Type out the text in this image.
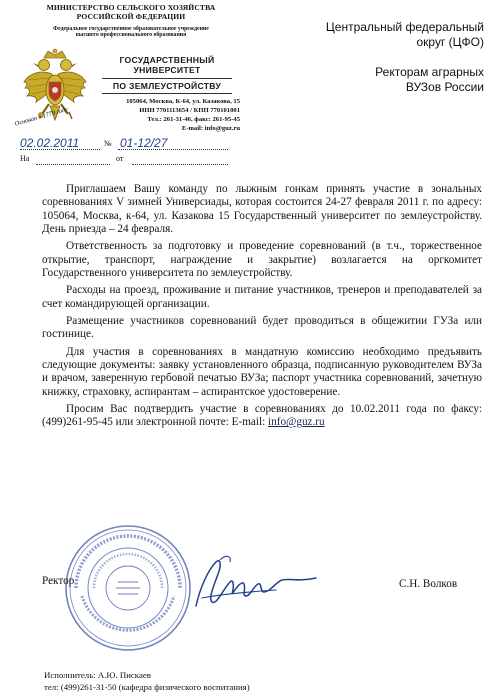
МИНИСТЕРСТВО СЕЛЬСКОГО ХОЗЯЙСТВА
РОССИЙСКОЙ ФЕДЕРАЦИИ
Федеральное государственное образовательное учреждение
высшего профессионального образования
Основан в 1779 году
ГОСУДАРСТВЕННЫЙ
УНИВЕРСИТЕТ
ПО ЗЕМЛЕУСТРОЙСТВУ
105064, Москва, К-64, ул. Казакова, 15
ИНН 7701113654 / КПП 770101001
Тел.: 261-31-46, факс: 261-95-45
E-mail: info@guz.ru
02.02.2011	№ 01-12/27
На	от
Центральный федеральный
округ (ЦФО)
Ректорам аграрных
ВУЗов России

Приглашаем Вашу команду по лыжным гонкам принять участие в зональных соревнованиях V зимней Универсиады, которая состоится 24-27 февраля 2011 г. по адресу: 105064, Москва, к-64, ул. Казакова 15 Государственный университет по землеустройству. День приезда – 24 февраля.

Ответственность за подготовку и проведение соревнований (в т.ч., торжественное открытие, транспорт, награждение и закрытие) возлагается на оргкомитет Государственного университета по землеустройству.

Расходы на проезд, проживание и питание участников, тренеров и преподавателей за счет командирующей организации.

Размещение участников соревнований будет проводиться в общежитии ГУЗа или гостинице.

Для участия в соревнованиях в мандатную комиссию необходимо предъявить следующие документы: заявку установленного образца, подписанную руководителем ВУЗа и врачом, заверенную гербовой печатью ВУЗа; паспорт участника соревнований, зачетную книжку, страховку, аспирантам – аспирантское удостоверение.

Просим Вас подтвердить участие в соревнованиях до 10.02.2011 года по факсу: (499)261-95-45 или электронной почте: E-mail: info@guz.ru

Ректор	С.Н. Волков
Исполнитель: А.Ю. Пискаев
тел: (499)261-31-50 (кафедра физического воспитания)
